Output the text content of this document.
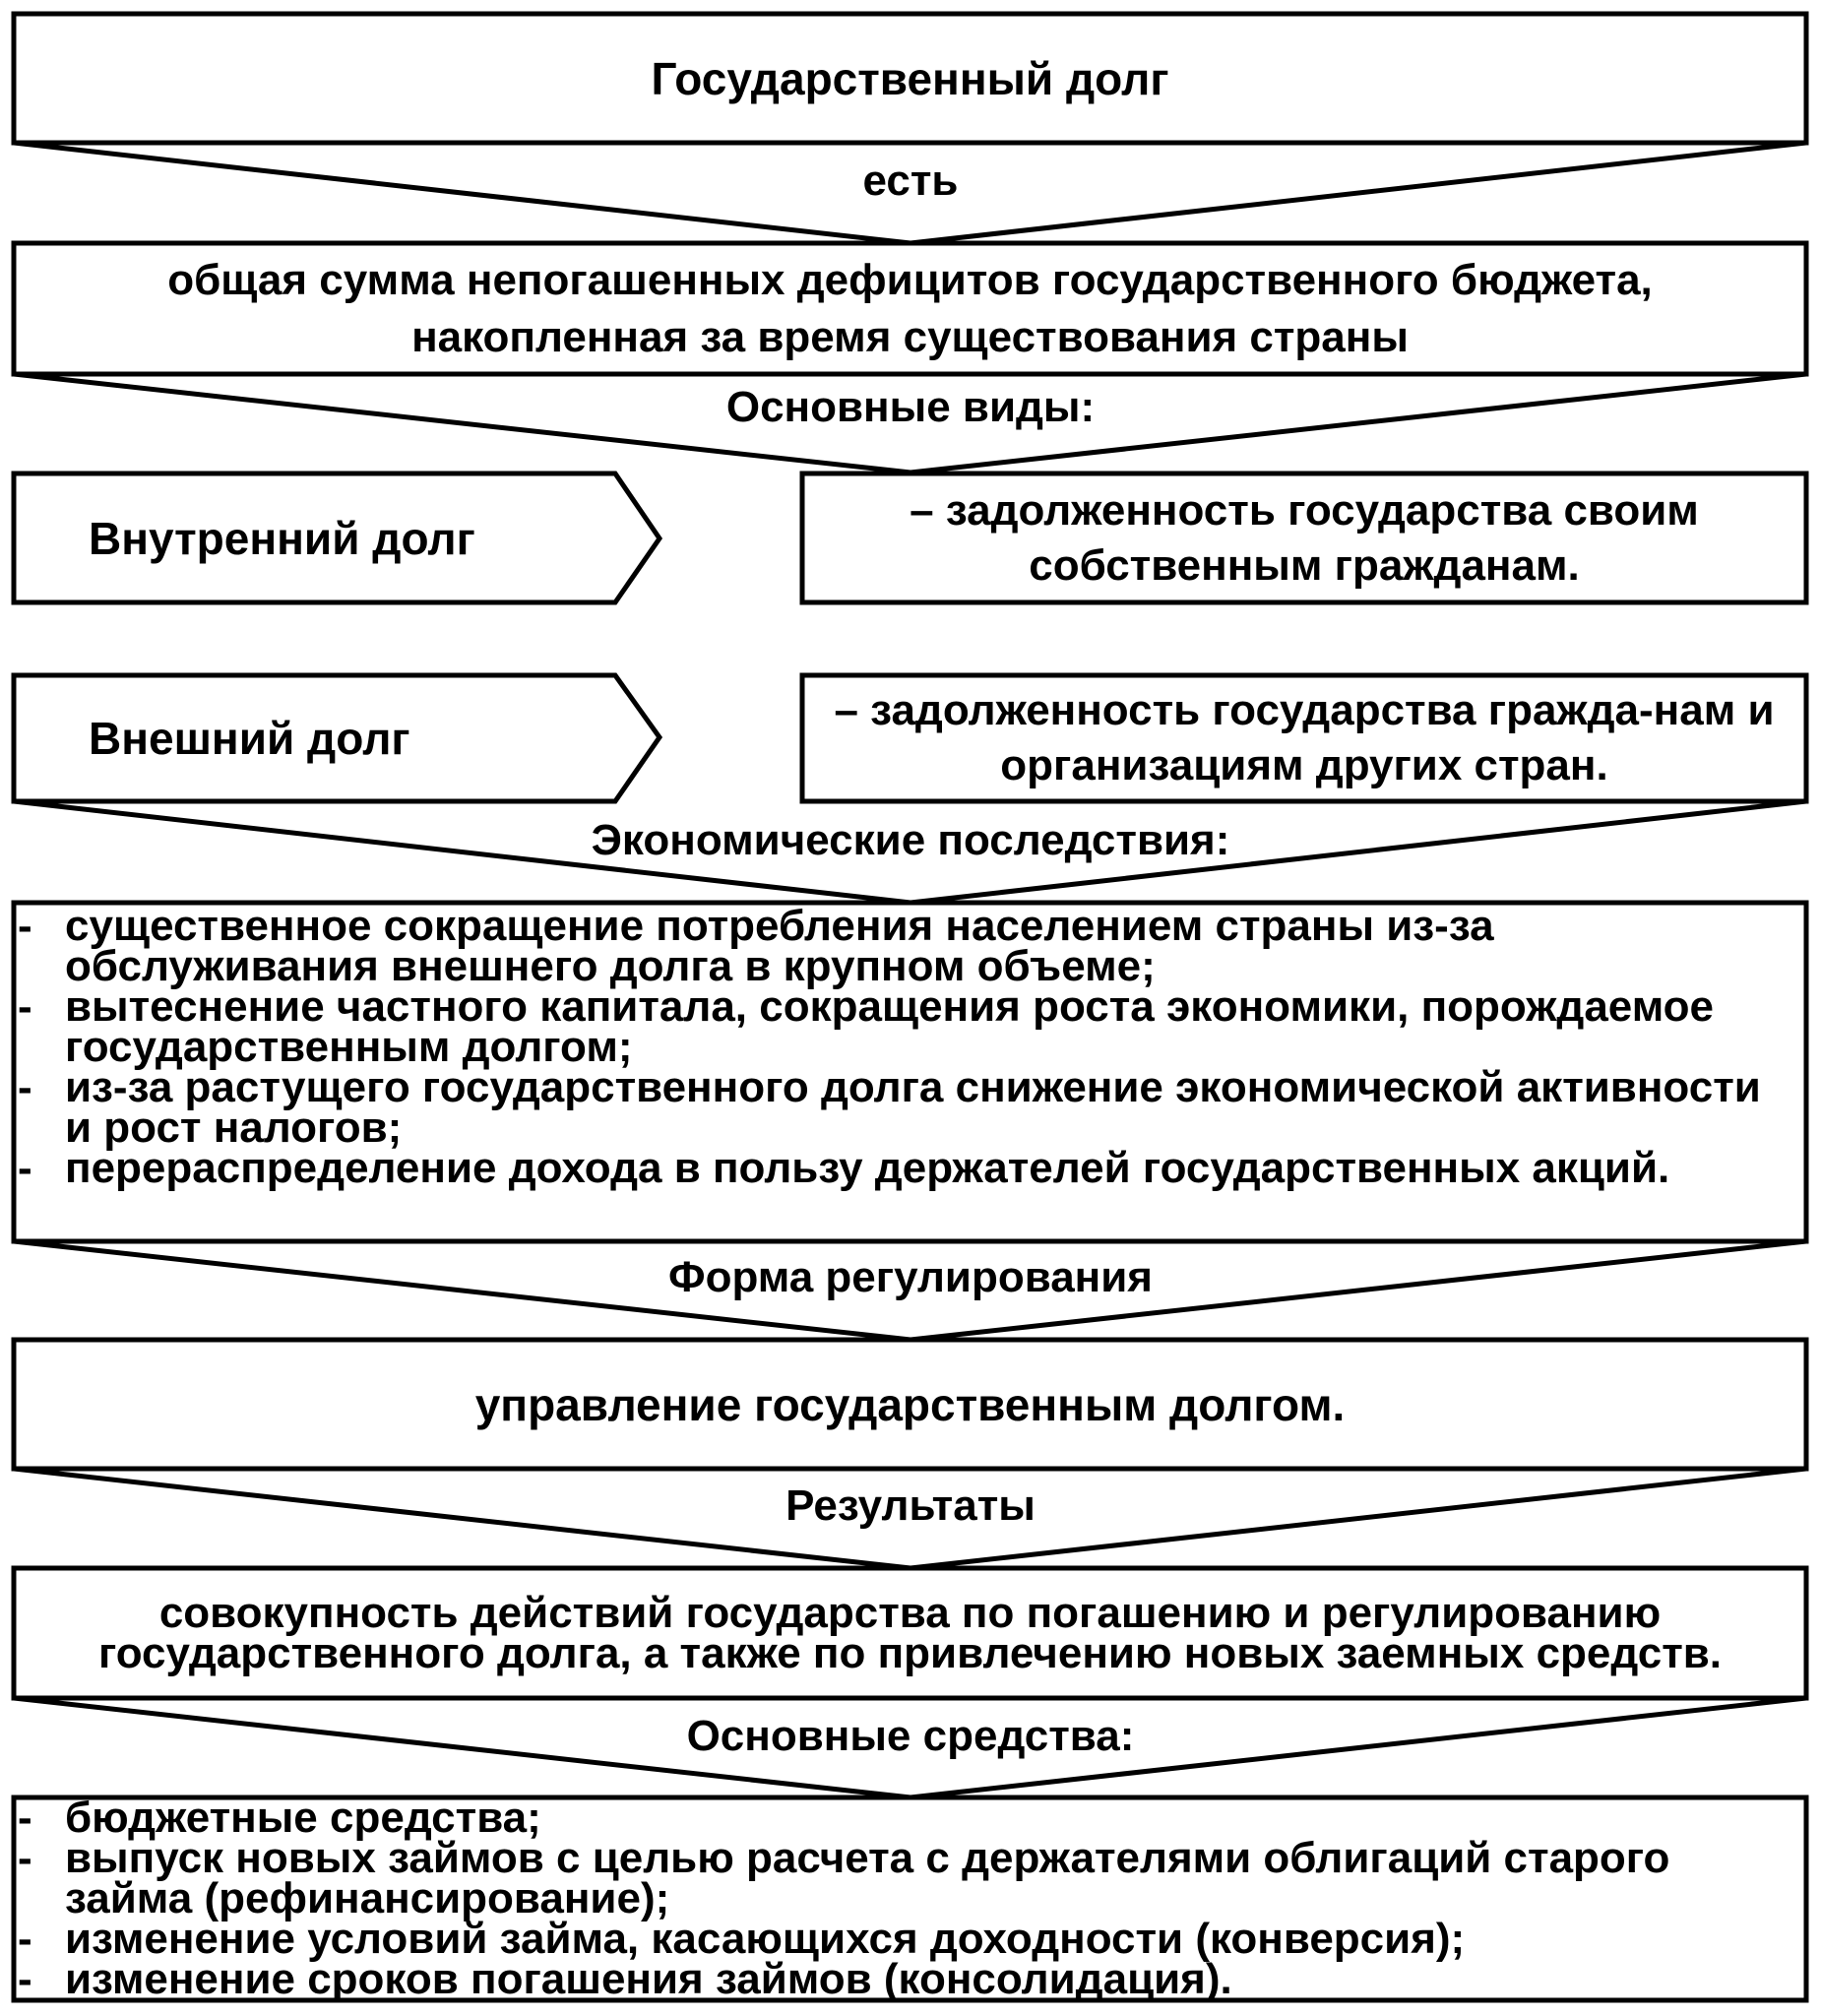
Государственный долг
есть
общая сумма непогашенных дефицитов государственного бюджета, накопленная за время существования страны
Основные виды:
Внутренний долг
– задолженность государства своим собственным гражданам.
Внешний долг
– задолженность государства гражда-нам и организациям других стран.
Экономические последствия:
- существенное сокращение потребления населением страны из-за обслуживания внешнего долга в крупном объеме;
- вытеснение частного капитала, сокращения роста экономики, порождаемое государственным долгом;
- из-за растущего государственного долга снижение экономической активности и рост налогов;
- перераспределение дохода в пользу держателей государственных акций.
Форма регулирования
управление государственным долгом.
Результаты
совокупность действий государства по погашению и регулированию государственного долга, а также по привлечению новых заемных средств.
Основные средства:
- бюджетные средства;
- выпуск новых займов с целью расчета с держателями облигаций старого займа (рефинансирование);
- изменение условий займа, касающихся доходности (конверсия);
- изменение сроков погашения займов (консолидация).
